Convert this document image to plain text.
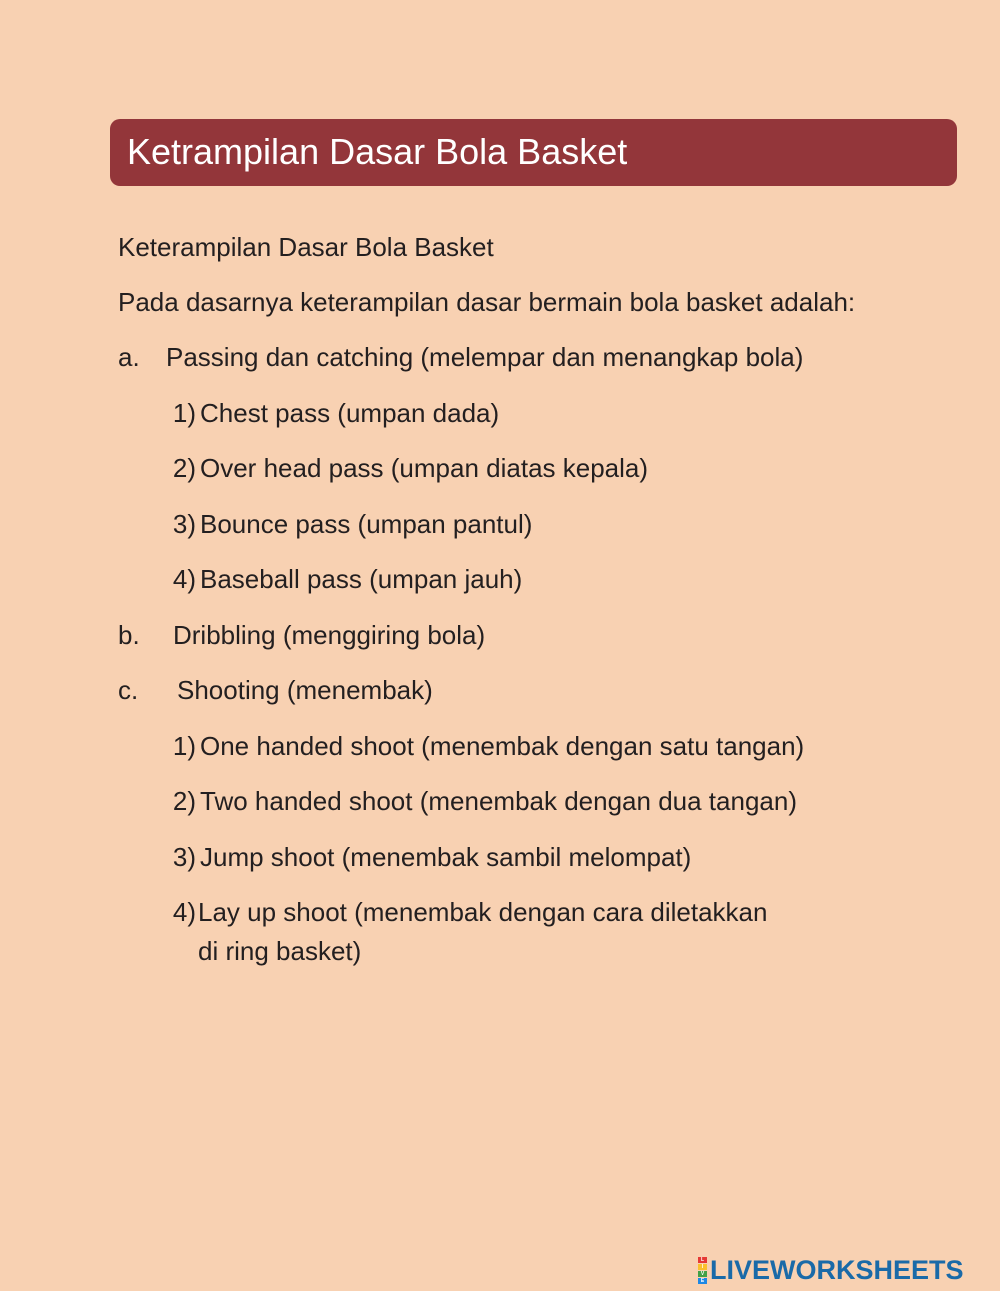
Ketrampilan Dasar Bola Basket
Keterampilan Dasar Bola Basket
Pada dasarnya keterampilan dasar bermain bola basket adalah:
a. Passing dan catching (melempar dan menangkap bola)
1) Chest pass (umpan dada)
2) Over head pass (umpan diatas kepala)
3) Bounce pass (umpan pantul)
4) Baseball pass (umpan jauh)
b. Dribbling (menggiring bola)
c. Shooting (menembak)
1) One handed shoot (menembak dengan satu tangan)
2) Two handed shoot (menembak dengan dua tangan)
3) Jump shoot (menembak sambil melompat)
4) Lay up shoot (menembak dengan cara diletakkan
di ring basket)
L
I
V
E LIVEWORKSHEETS
